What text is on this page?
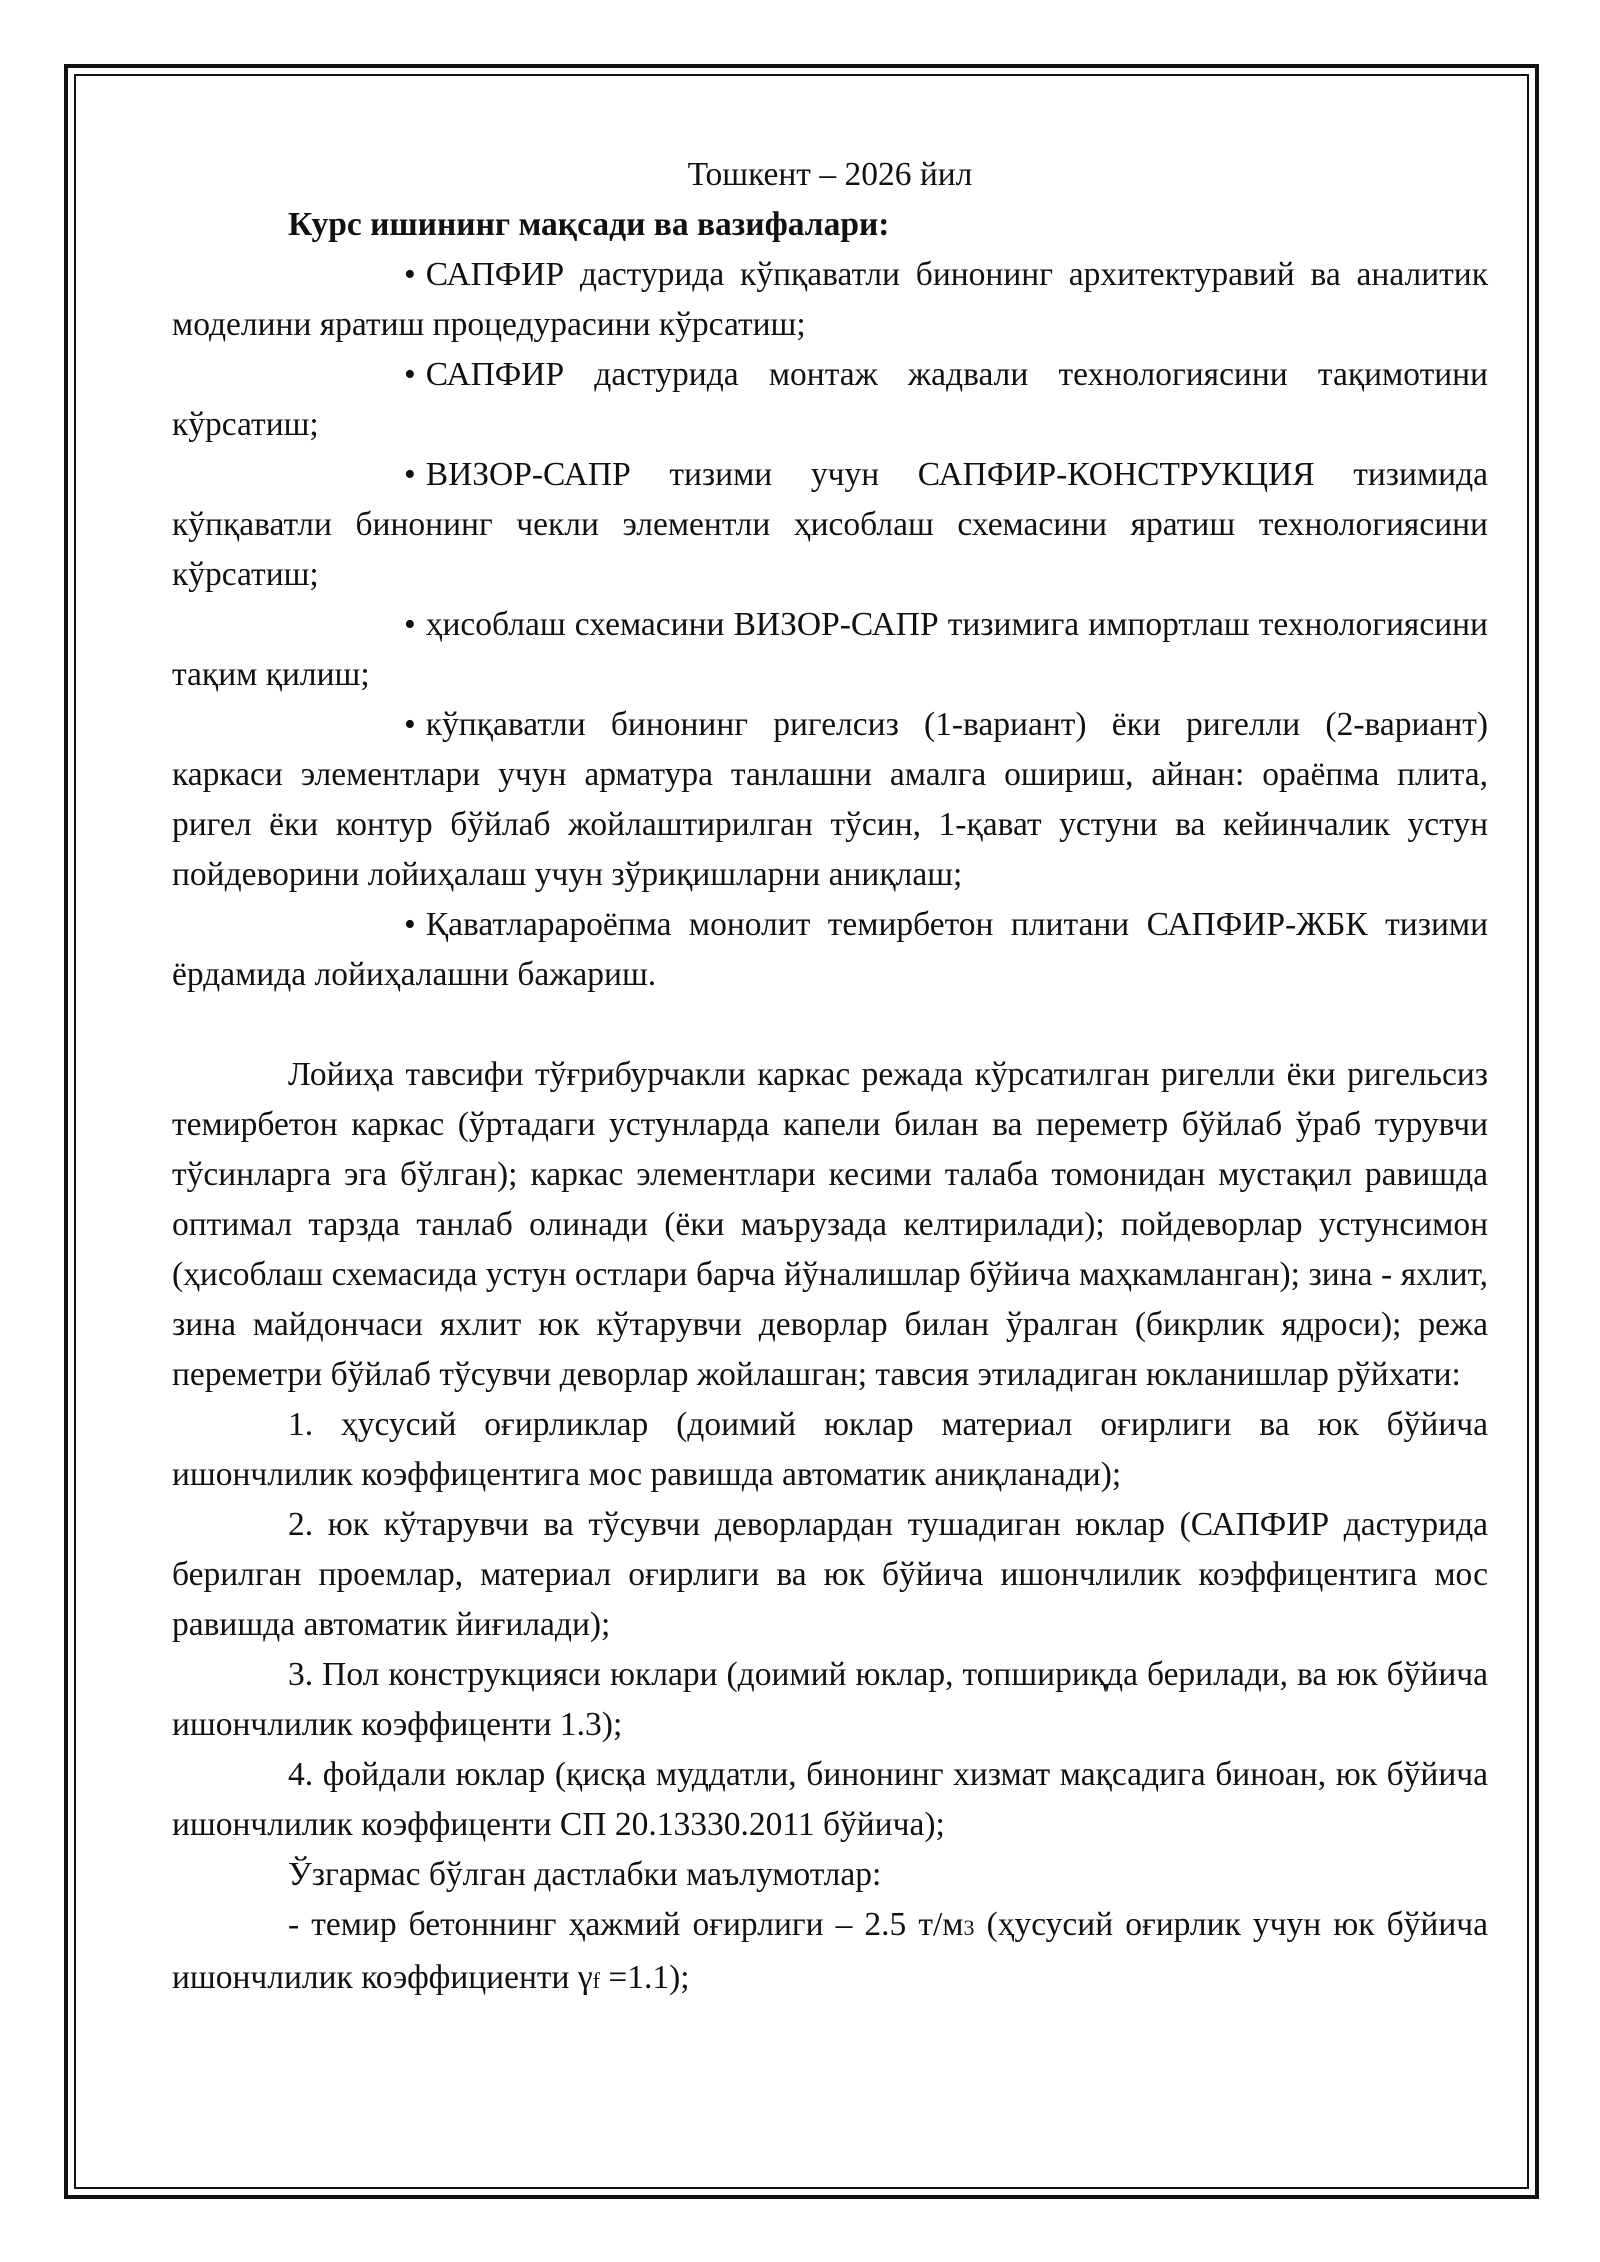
Тошкент – 2026 йил

Курс ишининг мақсади ва вазифалари:

• САПФИР дастурида кўпқаватли бинонинг архитектуравий ва аналитик моделини яратиш процедурасини кўрсатиш;

• САПФИР дастурида монтаж жадвали технологиясини тақимотини кўрсатиш;

• ВИЗОР-САПР тизими учун САПФИР-КОНСТРУКЦИЯ тизимида кўпқаватли бинонинг чекли элементли ҳисоблаш схемасини яратиш технологиясини кўрсатиш;

• ҳисоблаш схемасини ВИЗОР-САПР тизимига импортлаш технологиясини тақим қилиш;

• кўпқаватли бинонинг ригелсиз (1-вариант) ёки ригелли (2-вариант) каркаси элементлари учун арматура танлашни амалга ошириш, айнан: ораёпма плита, ригел ёки контур бўйлаб жойлаштирилган тўсин, 1-қават устуни ва кейинчалик устун пойдеворини лойиҳалаш учун зўриқишларни аниқлаш;

• Қаватларароёпма монолит темирбетон плитани САПФИР-ЖБК тизими ёрдамида лойиҳалашни бажариш.

Лойиҳа тавсифи тўғрибурчакли каркас режада кўрсатилган ригелли ёки ригельсиз темирбетон каркас (ўртадаги устунларда капели билан ва переметр бўйлаб ўраб турувчи тўсинларга эга бўлган); каркас элементлари кесими талаба томонидан мустақил равишда оптимал тарзда танлаб олинади (ёки маърузада келтирилади); пойдеворлар устунсимон (ҳисоблаш схемасида устун остлари барча йўналишлар бўйича маҳкамланган); зина - яхлит, зина майдончаси яхлит юк кўтарувчи деворлар билан ўралган (бикрлик ядроси); режа переметри бўйлаб тўсувчи деворлар жойлашган; тавсия этиладиган юкланишлар рўйхати:

1. ҳусусий оғирликлар (доимий юклар материал оғирлиги ва юк бўйича ишончлилик коэффицентига мос равишда автоматик аниқланади);

2. юк кўтарувчи ва тўсувчи деворлардан тушадиган юклар (САПФИР дастурида берилган проемлар, материал оғирлиги ва юк бўйича ишончлилик коэффицентига мос равишда автоматик йиғилади);

3. Пол конструкцияси юклари (доимий юклар, топшириқда берилади, ва юк бўйича ишончлилик коэффиценти 1.3);

4. фойдали юклар (қисқа муддатли, бинонинг хизмат мақсадига биноан, юк бўйича ишончлилик коэффиценти СП 20.13330.2011 бўйича);

Ўзгармас бўлган дастлабки маълумотлар:

- темир бетоннинг ҳажмий оғирлиги – 2.5 т/м3 (ҳусусий оғирлик учун юк бўйича ишончлилик коэффициенти γf =1.1);
